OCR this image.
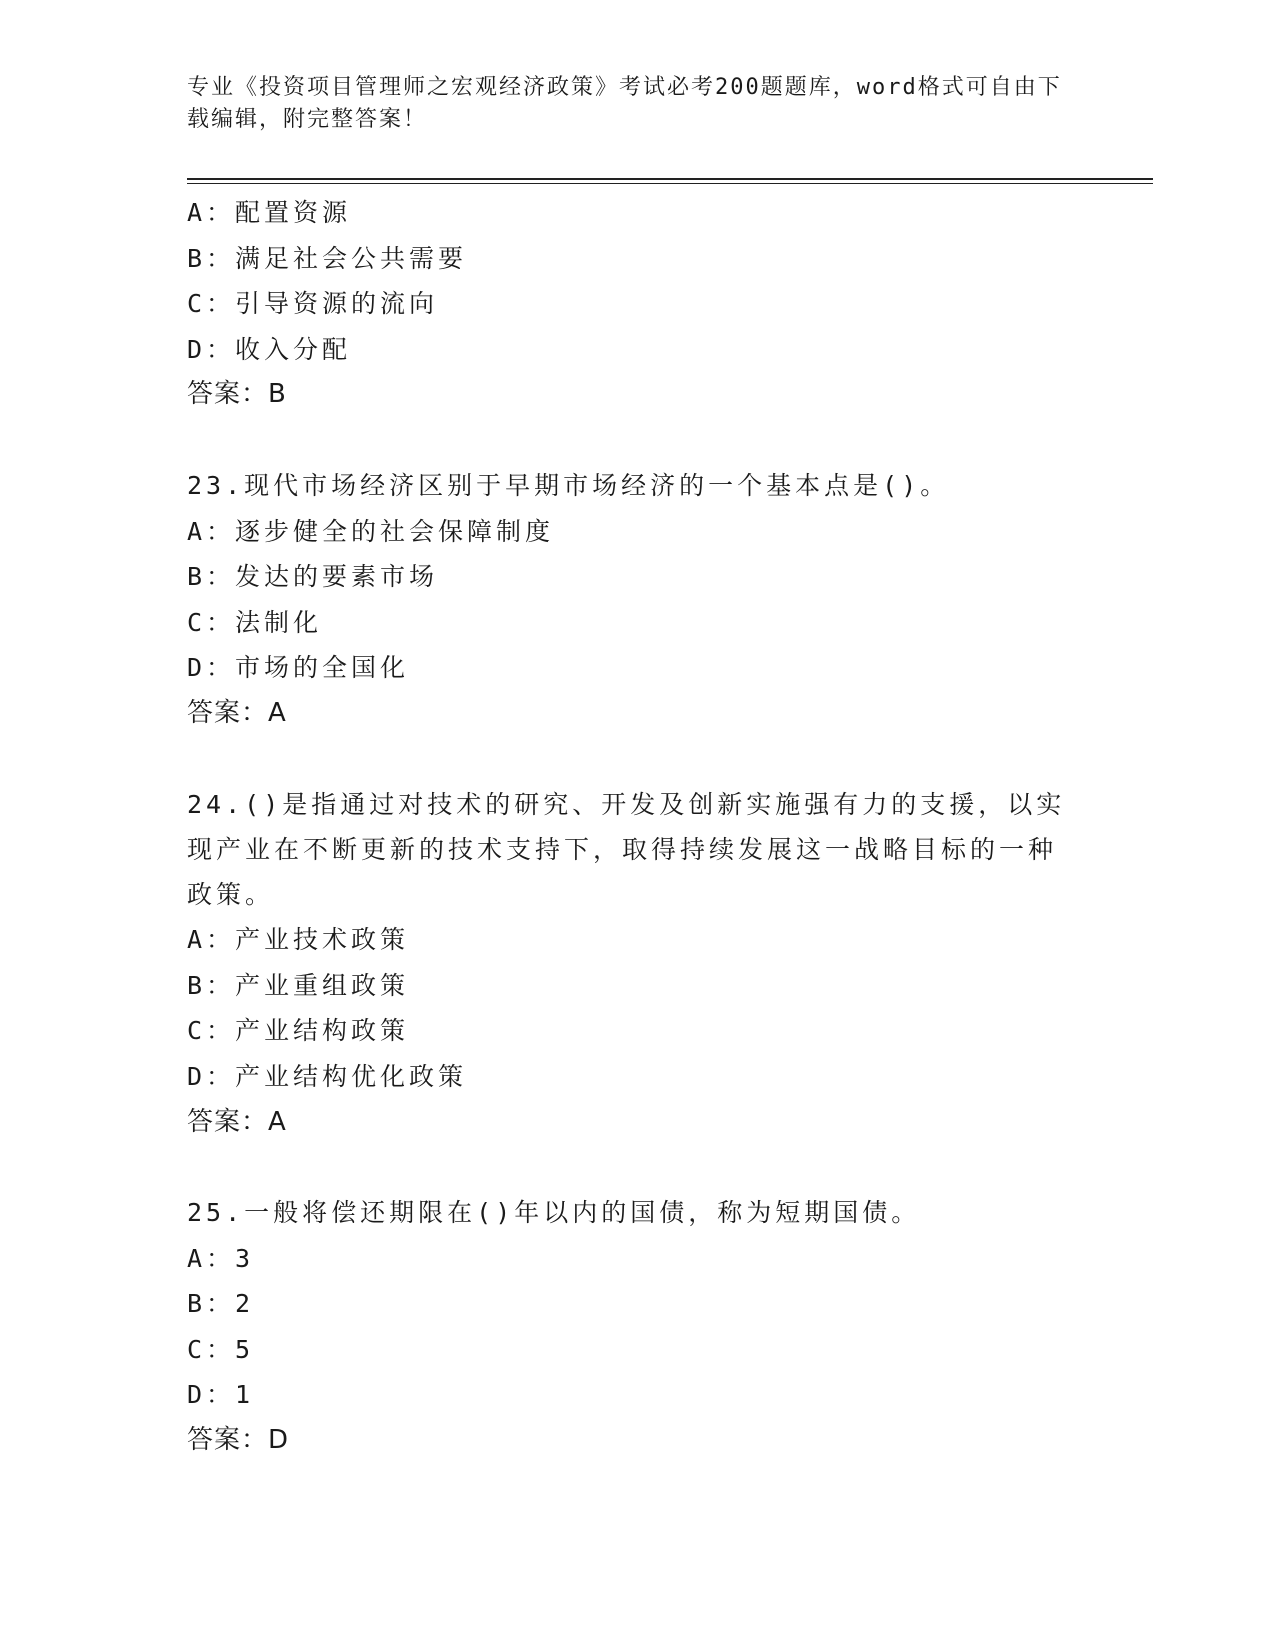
专业《投资项目管理师之宏观经济政策》考试必考200题题库，word格式可自由下载编辑，附完整答案！
A：配置资源
B：满足社会公共需要
C：引导资源的流向
D：收入分配
答案：B
23.现代市场经济区别于早期市场经济的一个基本点是()。
A：逐步健全的社会保障制度
B：发达的要素市场
C：法制化
D：市场的全国化
答案：A
24.()是指通过对技术的研究、开发及创新实施强有力的支援，以实现产业在不断更新的技术支持下，取得持续发展这一战略目标的一种政策。
A：产业技术政策
B：产业重组政策
C：产业结构政策
D：产业结构优化政策
答案：A
25.一般将偿还期限在()年以内的国债，称为短期国债。
A：3
B：2
C：5
D：1
答案：D
